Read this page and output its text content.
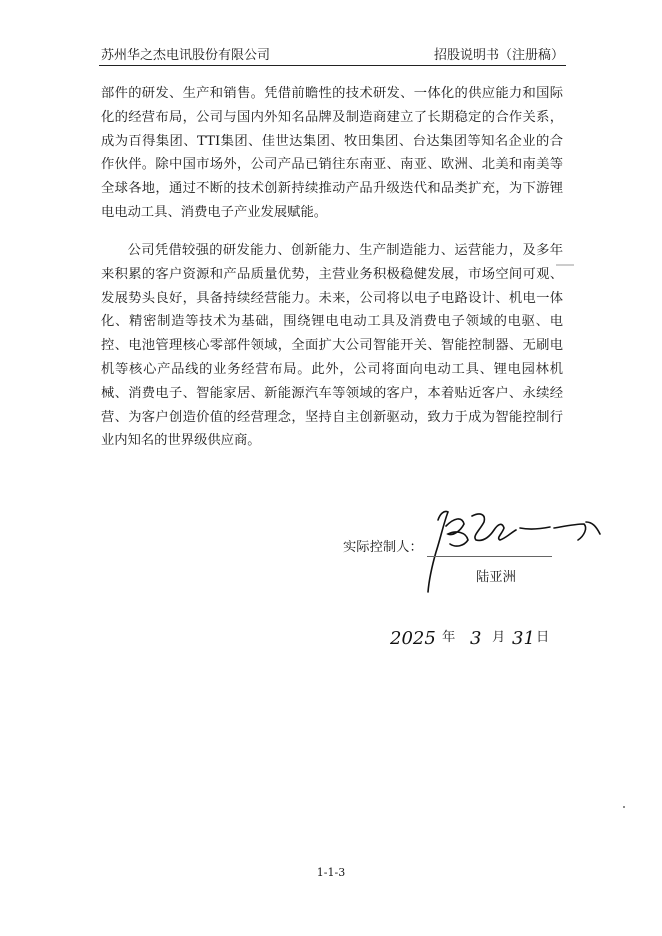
苏州华之杰电讯股份有限公司	招股说明书（注册稿）

部件的研发、生产和销售。凭借前瞻性的技术研发、一体化的供应能力和国际化的经营布局，公司与国内外知名品牌及制造商建立了长期稳定的合作关系，成为百得集团、TTI集团、佳世达集团、牧田集团、台达集团等知名企业的合作伙伴。除中国市场外，公司产品已销往东南亚、南亚、欧洲、北美和南美等全球各地，通过不断的技术创新持续推动产品升级迭代和品类扩充，为下游锂电电动工具、消费电子产业发展赋能。

公司凭借较强的研发能力、创新能力、生产制造能力、运营能力，及多年来积累的客户资源和产品质量优势，主营业务积极稳健发展，市场空间可观、发展势头良好，具备持续经营能力。未来，公司将以电子电路设计、机电一体化、精密制造等技术为基础，围绕锂电电动工具及消费电子领域的电驱、电控、电池管理核心零部件领域，全面扩大公司智能开关、智能控制器、无刷电机等核心产品线的业务经营布局。此外，公司将面向电动工具、锂电园林机械、消费电子、智能家居、新能源汽车等领域的客户，本着贴近客户、永续经营、为客户创造价值的经营理念，坚持自主创新驱动，致力于成为智能控制行业内知名的世界级供应商。

实际控制人：
陆亚洲
2025 年 3 月 31 日
1-1-3
